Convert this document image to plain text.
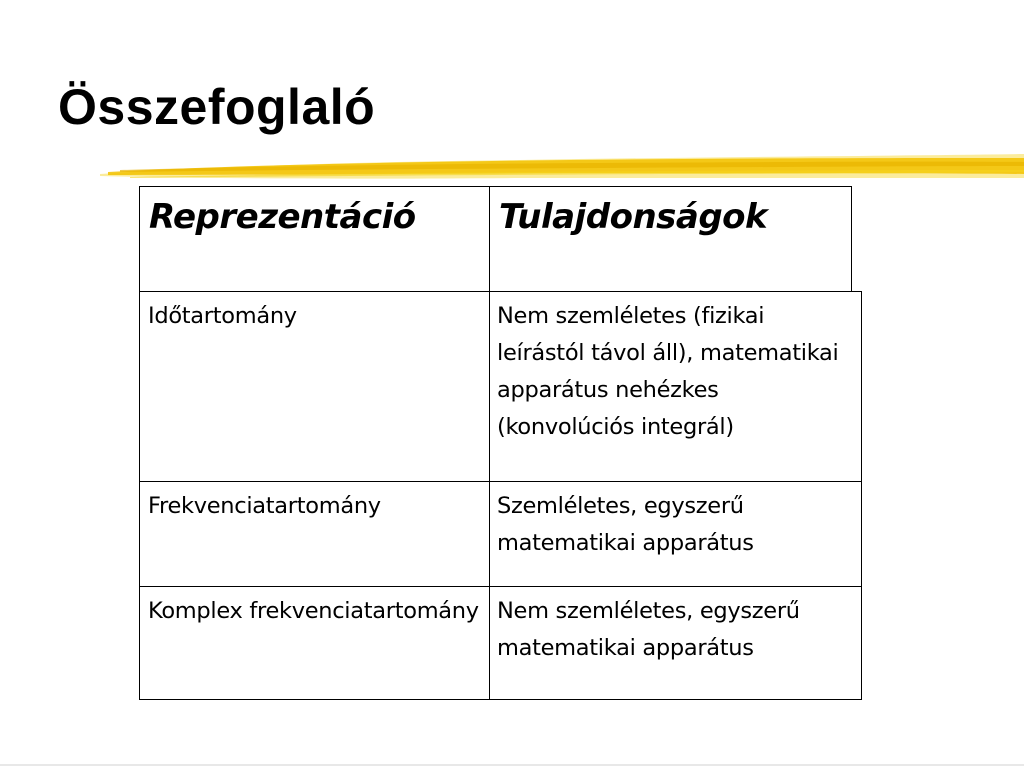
Összefoglaló
Reprezentáció Tulajdonságok
Időtartomány	Nem szemléletes (fizikai leírástól távol áll), matematikai apparátus nehézkes (konvolúciós integrál)
Frekvenciatartomány	Szemléletes, egyszerű matematikai apparátus
Komplex frekvenciatartomány Nem szemléletes, egyszerű matematikai apparátus
